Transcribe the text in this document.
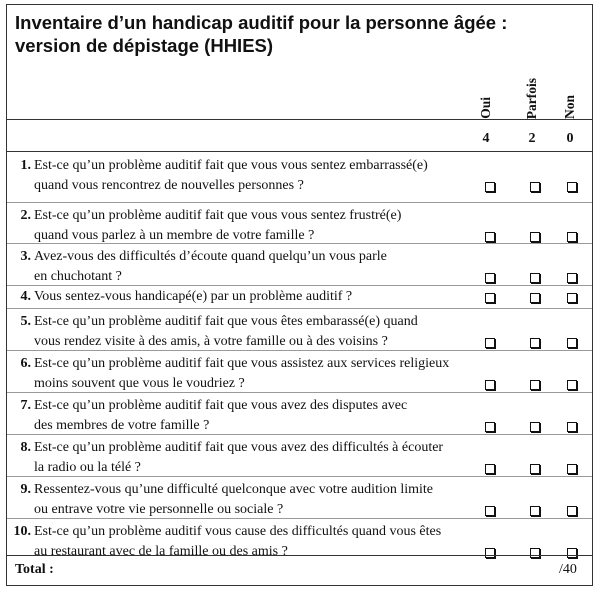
Inventaire d’un handicap auditif pour la personne âgée : version de dépistage (HHIES)
Oui Parfois Non
4	2	0
1. Est-ce qu’un problème auditif fait que vous vous sentez embarrassé(e)
quand vous rencontrez de nouvelles personnes ?
2. Est-ce qu’un problème auditif fait que vous vous sentez frustré(e)
quand vous parlez à un membre de votre famille ?
3. Avez-vous des difficultés d’écoute quand quelqu’un vous parle
en chuchotant ?
4. Vous sentez-vous handicapé(e) par un problème auditif ?
5. Est-ce qu’un problème auditif fait que vous êtes embarassé(e) quand
vous rendez visite à des amis, à votre famille ou à des voisins ?
6. Est-ce qu’un problème auditif fait que vous assistez aux services religieux
moins souvent que vous le voudriez ?
7. Est-ce qu’un problème auditif fait que vous avez des disputes avec
des membres de votre famille ?
8. Est-ce qu’un problème auditif fait que vous avez des difficultés à écouter
la radio ou la télé ?
9. Ressentez-vous qu’une difficulté quelconque avec votre audition limite
ou entrave votre vie personnelle ou sociale ?
10. Est-ce qu’un problème auditif vous cause des difficultés quand vous êtes
au restaurant avec de la famille ou des amis ?
Total :	/40
